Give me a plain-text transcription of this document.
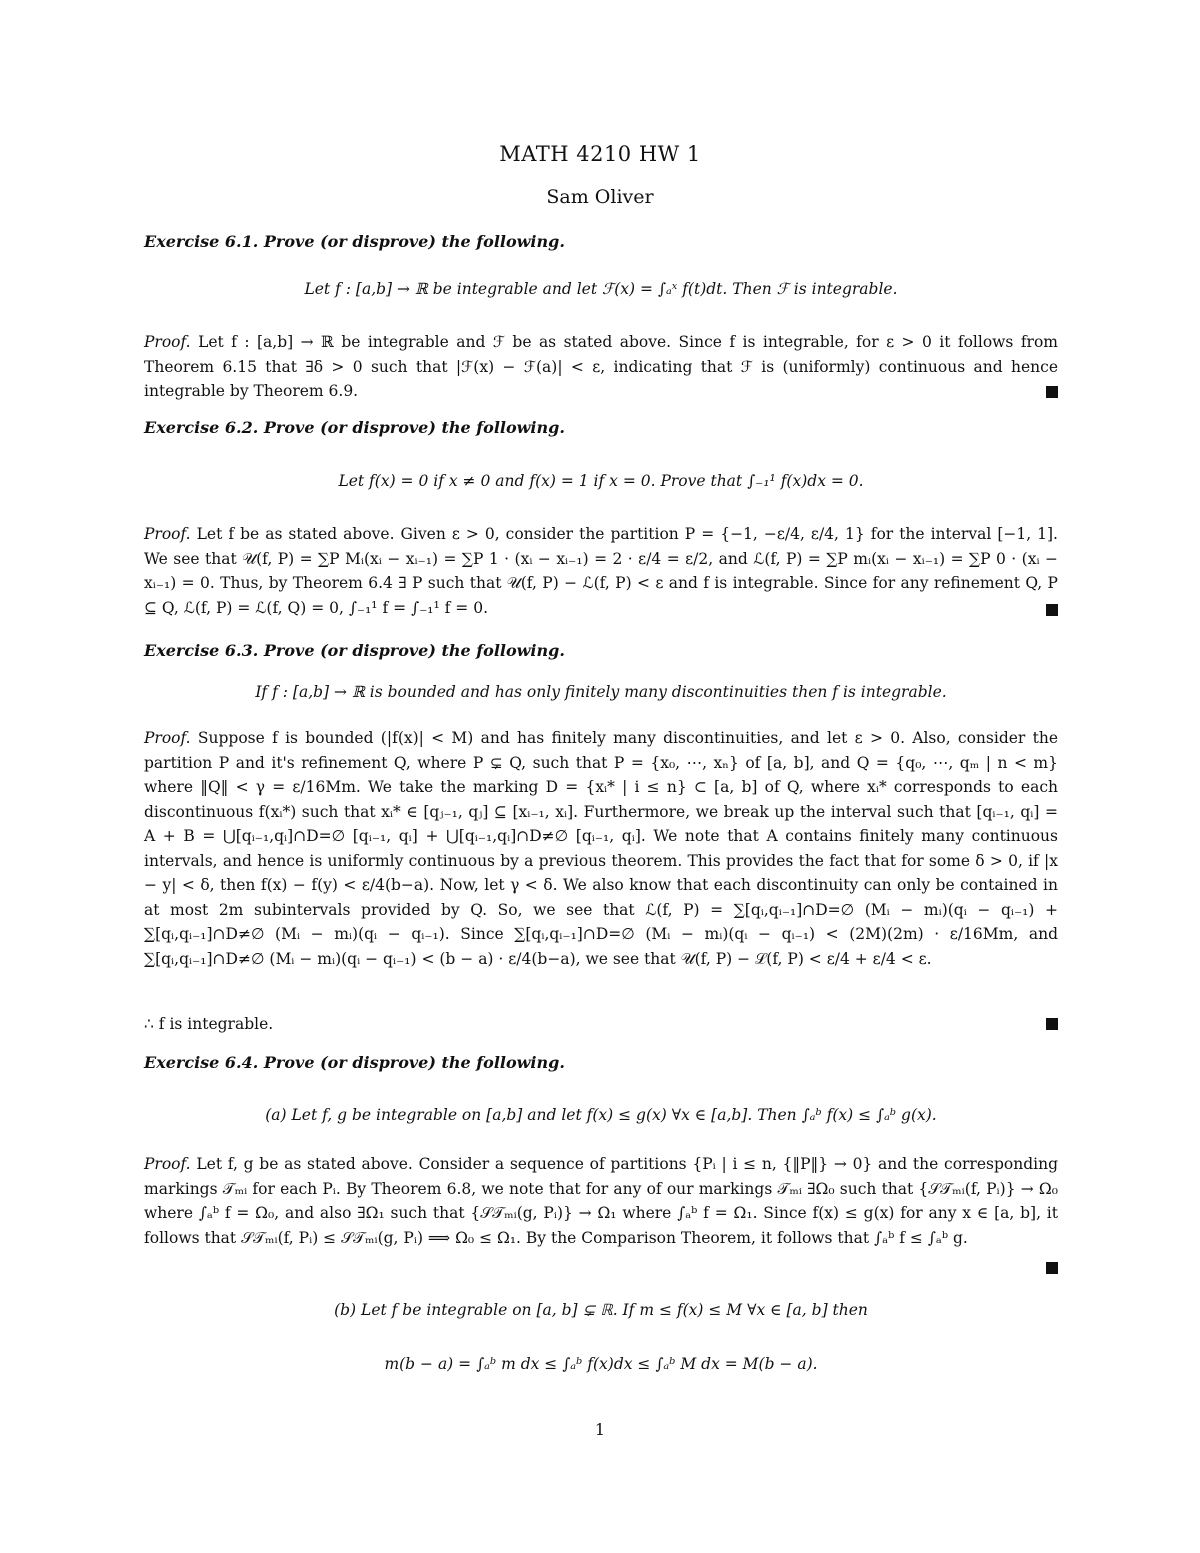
MATH 4210 HW 1
Sam Oliver
Exercise 6.1. Prove (or disprove) the following.
Let f : [a,b] → ℝ be integrable and let ℱ(x) = ∫ₐˣ f(t)dt. Then ℱ is integrable.
Proof. Let f : [a,b] → ℝ be integrable and ℱ be as stated above. Since f is integrable, for ε > 0 it follows from Theorem 6.15 that ∃δ > 0 such that |ℱ(x) − ℱ(a)| < ε, indicating that ℱ is (uniformly) continuous and hence integrable by Theorem 6.9.
Exercise 6.2. Prove (or disprove) the following.
Let f(x) = 0 if x ≠ 0 and f(x) = 1 if x = 0. Prove that ∫₋₁¹ f(x)dx = 0.
Proof. Let f be as stated above. Given ε > 0, consider the partition P = {−1, −ε/4, ε/4, 1} for the interval [−1, 1]. We see that 𝒰(f, P) = ∑P Mᵢ(xᵢ − xᵢ₋₁) = ∑P 1 · (xᵢ − xᵢ₋₁) = 2 · ε/4 = ε/2, and ℒ(f, P) = ∑P mᵢ(xᵢ − xᵢ₋₁) = ∑P 0 · (xᵢ − xᵢ₋₁) = 0. Thus, by Theorem 6.4 ∃ P such that 𝒰(f, P) − ℒ(f, P) < ε and f is integrable. Since for any refinement Q, P ⊆ Q, ℒ(f, P) = ℒ(f, Q) = 0, ∫₋₁¹ f = ∫₋₁¹ f = 0.
Exercise 6.3. Prove (or disprove) the following.
If f : [a,b] → ℝ is bounded and has only finitely many discontinuities then f is integrable.
Proof. Suppose f is bounded (|f(x)| < M) and has finitely many discontinuities, and let ε > 0. Also, consider the partition P and it's refinement Q, where P ⊊ Q, such that P = {x₀, ⋯, xₙ} of [a, b], and Q = {q₀, ⋯, qₘ | n < m} where ‖Q‖ < γ = ε/16Mm. We take the marking D = {xᵢ* | i ≤ n} ⊂ [a, b] of Q, where xᵢ* corresponds to each discontinuous f(xᵢ*) such that xᵢ* ∈ [qⱼ₋₁, qⱼ] ⊆ [xᵢ₋₁, xᵢ]. Furthermore, we break up the interval such that [qᵢ₋₁, qᵢ] = A + B = ⋃[qᵢ₋₁,qᵢ]∩D=∅ [qᵢ₋₁, qᵢ] + ⋃[qᵢ₋₁,qᵢ]∩D≠∅ [qᵢ₋₁, qᵢ]. We note that A contains finitely many continuous intervals, and hence is uniformly continuous by a previous theorem. This provides the fact that for some δ > 0, if |x − y| < δ, then f(x) − f(y) < ε/4(b−a). Now, let γ < δ. We also know that each discontinuity can only be contained in at most 2m subintervals provided by Q. So, we see that ℒ(f, P) = ∑[qᵢ,qᵢ₋₁]∩D=∅ (Mᵢ − mᵢ)(qᵢ − qᵢ₋₁) + ∑[qᵢ,qᵢ₋₁]∩D≠∅ (Mᵢ − mᵢ)(qᵢ − qᵢ₋₁). Since ∑[qᵢ,qᵢ₋₁]∩D=∅ (Mᵢ − mᵢ)(qᵢ − qᵢ₋₁) < (2M)(2m) · ε/16Mm, and ∑[qᵢ,qᵢ₋₁]∩D≠∅ (Mᵢ − mᵢ)(qᵢ − qᵢ₋₁) < (b − a) · ε/4(b−a), we see that 𝒰(f, P) − ℒ(f, P) < ε/4 + ε/4 < ε.
∴ f is integrable.
Exercise 6.4. Prove (or disprove) the following.
(a) Let f, g be integrable on [a,b] and let f(x) ≤ g(x) ∀x ∈ [a,b]. Then ∫ₐᵇ f(x) ≤ ∫ₐᵇ g(x).
Proof. Let f, g be as stated above. Consider a sequence of partitions {Pᵢ | i ≤ n, {‖P‖} → 0} and the corresponding markings 𝒯ₘᵢ for each Pᵢ. By Theorem 6.8, we note that for any of our markings 𝒯ₘᵢ ∃Ω₀ such that {𝒮𝒯ₘᵢ(f, Pᵢ)} → Ω₀ where ∫ₐᵇ f = Ω₀, and also ∃Ω₁ such that {𝒮𝒯ₘᵢ(g, Pᵢ)} → Ω₁ where ∫ₐᵇ f = Ω₁. Since f(x) ≤ g(x) for any x ∈ [a, b], it follows that 𝒮𝒯ₘᵢ(f, Pᵢ) ≤ 𝒮𝒯ₘᵢ(g, Pᵢ) ⟹ Ω₀ ≤ Ω₁. By the Comparison Theorem, it follows that ∫ₐᵇ f ≤ ∫ₐᵇ g.
(b) Let f be integrable on [a, b] ⊊ ℝ. If m ≤ f(x) ≤ M ∀x ∈ [a, b] then
m(b − a) = ∫ₐᵇ m dx ≤ ∫ₐᵇ f(x)dx ≤ ∫ₐᵇ M dx = M(b − a).
1
